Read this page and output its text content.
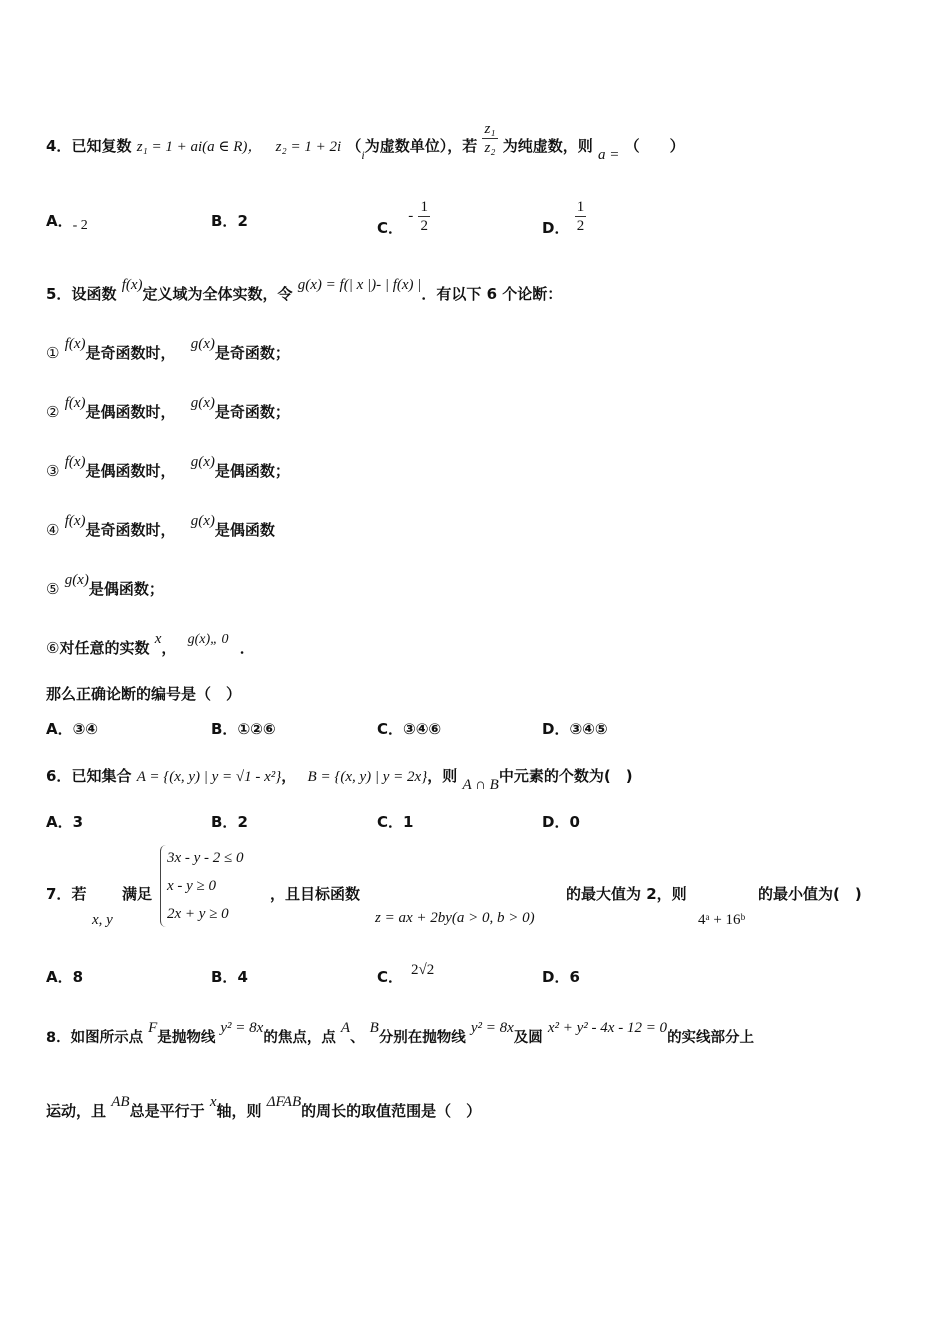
4．已知复数 z₁ = 1 + ai(a ∈ R)， z₂ = 1 + 2i （$_i$为虚数单位），若 $\frac{\text{z₁}}{\text{z₂}}$ 为纯虚数，则 a = （　　）
A．- 2	B．2	C． - $\frac{1}{2}$	D． $\frac{1}{2}$
5．设函数 f(x)定义域为全体实数，令 g(x) = f(| x |)- | f(x) |．有以下 6 个论断：
① f(x)是奇函数时， g(x)是奇函数；
② f(x)是偶函数时， g(x)是奇函数；
③ f(x)是偶函数时， g(x)是偶函数；
④ f(x)是奇函数时， g(x)是偶函数
⑤ g(x)是偶函数；
⑥对任意的实数 x， g(x)„ 0 ．
那么正确论断的编号是（　）
A．③④	B．①②⑥	C．③④⑥	D．③④⑤
6．已知集合 A = {(x, y) | y = √1 - x²}， B = {(x, y) | y = 2x}，则 A ∩ B中元素的个数为(　)
A．3	B．2	C．1	D．0
7．若
x, y
满足
3x - y - 2 ≤ 0
x - y ≥ 0
2x + y ≥ 0
，且目标函数
z = ax + 2by(a > 0, b > 0)
的最大值为 2，则
4ᵃ + 16ᵇ
的最小值为(　)
A．8	B．4	C． 2√2	D．6
8．如图所示点 F是抛物线 y² = 8x的焦点，点 A、 B分别在抛物线 y² = 8x及圆 x² + y² - 4x - 12 = 0的实线部分上
运动，且 AB总是平行于 x轴，则 ΔFAB的周长的取值范围是（　）
